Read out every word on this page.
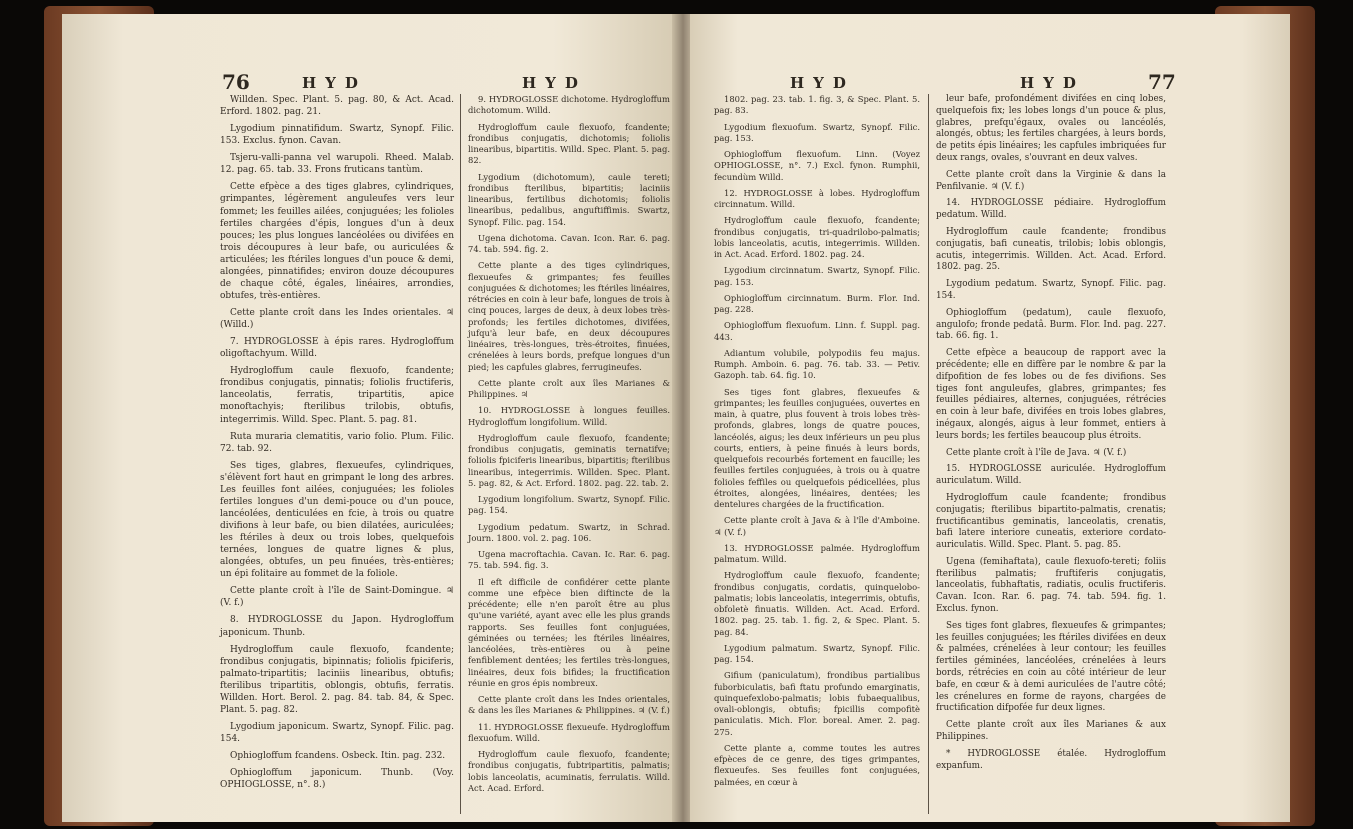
76	HYD	HYD

Willden. Spec. Plant. 5. pag. 80, & Act. Acad. Erford. 1802. pag. 21.

Lygodium pinnatifidum. Swartz, Synopf. Filic. 153. Exclus. fynon. Cavan.

Tsjeru-valli-panna vel warupoli. Rheed. Malab. 12. pag. 65. tab. 33. Frons fruticans tantùm.

Cette efpèce a des tiges glabres, cylindriques, grimpantes, légèrement anguleufes vers leur fommet; les feuilles ailées, conjuguées; les folioles fertiles chargées d'épis, longues d'un à deux pouces; les plus longues lancéolées ou divifées en trois découpures à leur bafe, ou auriculées & articulées; les ftériles longues d'un pouce & demi, alongées, pinnatifides; environ douze découpures de chaque côté, égales, linéaires, arrondies, obtufes, très-entières.

Cette plante croît dans les Indes orientales. ♃ (Willd.)

7. HYDROGLOSSE à épis rares. Hydrogloffum oligoftachyum. Willd.

Hydrogloffum caule flexuofo, fcandente; frondibus conjugatis, pinnatis; foliolis fructiferis, lanceolatis, ferratis, tripartitis, apice monoftachyis; fterilibus trilobis, obtufis, integerrimis. Willd. Spec. Plant. 5. pag. 81.

Ruta muraria clematitis, vario folio. Plum. Filic. 72. tab. 92.

Ses tiges, glabres, flexueufes, cylindriques, s'élèvent fort haut en grimpant le long des arbres. Les feuilles font ailées, conjuguées; les folioles fertiles longues d'un demi-pouce ou d'un pouce, lancéolées, denticulées en fcie, à trois ou quatre divifions à leur bafe, ou bien dilatées, auriculées; les ftériles à deux ou trois lobes, quelquefois ternées, longues de quatre lignes & plus, alongées, obtufes, un peu finuées, très-entières; un épi folitaire au fommet de la foliole.

Cette plante croît à l'île de Saint-Domingue. ♃ (V. f.)

8. HYDROGLOSSE du Japon. Hydrogloffum japonicum. Thunb.

Hydrogloffum caule flexuofo, fcandente; frondibus conjugatis, bipinnatis; foliolis fpiciferis, palmato-tripartitis; laciniis linearibus, obtufis; fterilibus tripartitis, oblongis, obtufis, ferratis. Willden. Hort. Berol. 2. pag. 84. tab. 84, & Spec. Plant. 5. pag. 82.

Lygodium japonicum. Swartz, Synopf. Filic. pag. 154.

Ophiogloffum fcandens. Osbeck. Itin. pag. 232.

Ophiogloffum japonicum. Thunb. (Voy. OPHIOGLOSSE, n°. 8.)

9. HYDROGLOSSE dichotome. Hydrogloffum dichotomum. Willd.

Hydrogloffum caule flexuofo, fcandente; frondibus conjugatis, dichotomis; foliolis linearibus, bipartitis. Willd. Spec. Plant. 5. pag. 82.

Lygodium (dichotomum), caule tereti; frondibus fterilibus, bipartitis; laciniis linearibus, fertilibus dichotomis; foliolis linearibus, pedalibus, anguftiffimis. Swartz, Synopf. Filic. pag. 154.

Ugena dichotoma. Cavan. Icon. Rar. 6. pag. 74. tab. 594. fig. 2.

Cette plante a des tiges cylindriques, flexueufes & grimpantes; fes feuilles conjuguées & dichotomes; les ftériles linéaires, rétrécies en coin à leur bafe, longues de trois à cinq pouces, larges de deux, à deux lobes très-profonds; les fertiles dichotomes, divifées, jufqu'à leur bafe, en deux découpures linéaires, très-longues, très-étroites, finuées, crénelées à leurs bords, prefque longues d'un pied; les capfules glabres, ferrugineufes.

Cette plante croît aux îles Marianes & Philippines. ♃

10. HYDROGLOSSE à longues feuilles. Hydrogloffum longifolium. Willd.

Hydrogloffum caule flexuofo, fcandente; frondibus conjugatis, geminatis ternatifve; foliolis fpiciferis linearibus, bipartitis; fterilibus linearibus, integerrimis. Willden. Spec. Plant. 5. pag. 82, & Act. Erford. 1802. pag. 22. tab. 2.

Lygodium longifolium. Swartz, Synopf. Filic. pag. 154.

Lygodium pedatum. Swartz, in Schrad. Journ. 1800. vol. 2. pag. 106.

Ugena macroftachia. Cavan. Ic. Rar. 6. pag. 75. tab. 594. fig. 3.

Il eft difficile de confidérer cette plante comme une efpèce bien diftincte de la précédente; elle n'en paroît être au plus qu'une variété, ayant avec elle les plus grands rapports. Ses feuilles font conjuguées, géminées ou ternées; les ftériles linéaires, lancéolées, très-entières ou à peine fenfiblement dentées; les fertiles très-longues, linéaires, deux fois bifides; la fructification réunie en gros épis nombreux.

Cette plante croît dans les Indes orientales, & dans les îles Marianes & Philippines. ♃ (V. f.)

11. HYDROGLOSSE flexueufe. Hydrogloffum flexuofum. Willd.

Hydrogloffum caule flexuofo, fcandente; frondibus conjugatis, fubtripartitis, palmatis; lobis lanceolatis, acuminatis, ferrulatis. Willd. Act. Acad. Erford.

HYD	HYD	77

1802. pag. 23. tab. 1. fig. 3, & Spec. Plant. 5. pag. 83.

Lygodium flexuofum. Swartz, Synopf. Filic. pag. 153.

Ophiogloffum flexuofum. Linn. (Voyez OPHIOGLOSSE, n°. 7.) Excl. fynon. Rumphii, fecundùm Willd.

12. HYDROGLOSSE à lobes. Hydrogloffum circinnatum. Willd.

Hydrogloffum caule flexuofo, fcandente; frondibus conjugatis, tri-quadrilobo-palmatis; lobis lanceolatis, acutis, integerrimis. Willden. in Act. Acad. Erford. 1802. pag. 24.

Lygodium circinnatum. Swartz, Synopf. Filic. pag. 153.

Ophiogloffum circinnatum. Burm. Flor. Ind. pag. 228.

Ophiogloffum flexuofum. Linn. f. Suppl. pag. 443.

Adiantum volubile, polypodiis feu majus. Rumph. Amboin. 6. pag. 76. tab. 33. — Petiv. Gazoph. tab. 64. fig. 10.

Ses tiges font glabres, flexueufes & grimpantes; les feuilles conjuguées, ouvertes en main, à quatre, plus fouvent à trois lobes très-profonds, glabres, longs de quatre pouces, lancéolés, aigus; les deux inférieurs un peu plus courts, entiers, à peine finués à leurs bords, quelquefois recourbés fortement en faucille; les feuilles fertiles conjuguées, à trois ou à quatre folioles feffiles ou quelquefois pédicellées, plus étroites, alongées, linéaires, dentées; les dentelures chargées de la fructification.

Cette plante croît à Java & à l'île d'Amboine. ♃ (V. f.)

13. HYDROGLOSSE palmée. Hydrogloffum palmatum. Willd.

Hydrogloffum caule flexuofo, fcandente; frondibus conjugatis, cordatis, quinquelobo-palmatis; lobis lanceolatis, integerrimis, obtufis, obfoletè finuatis. Willden. Act. Acad. Erford. 1802. pag. 25. tab. 1. fig. 2, & Spec. Plant. 5. pag. 84.

Lygodium palmatum. Swartz, Synopf. Filic. pag. 154.

Gifium (paniculatum), frondibus partialibus fuborbiculatis, bafi ftatu profundo emarginatis, quinquefexlobo-palmatis; lobis fubaequalibus, ovali-oblongis, obtufis; fpicillis compofitè paniculatis. Mich. Flor. boreal. Amer. 2. pag. 275.

Cette plante a, comme toutes les autres efpèces de ce genre, des tiges grimpantes, flexueufes. Ses feuilles font conjuguées, palmées, en cœur à

leur bafe, profondément divifées en cinq lobes, quelquefois fix; les lobes longs d'un pouce & plus, glabres, prefqu'égaux, ovales ou lancéolés, alongés, obtus; les fertiles chargées, à leurs bords, de petits épis linéaires; les capfules imbriquées fur deux rangs, ovales, s'ouvrant en deux valves.

Cette plante croît dans la Virginie & dans la Penfilvanie. ♃ (V. f.)

14. HYDROGLOSSE pédiaire. Hydrogloffum pedatum. Willd.

Hydrogloffum caule fcandente; frondibus conjugatis, bafi cuneatis, trilobis; lobis oblongis, acutis, integerrimis. Willden. Act. Acad. Erford. 1802. pag. 25.

Lygodium pedatum. Swartz, Synopf. Filic. pag. 154.

Ophiogloffum (pedatum), caule flexuofo, angulofo; fronde pedatâ. Burm. Flor. Ind. pag. 227. tab. 66. fig. 1.

Cette efpèce a beaucoup de rapport avec la précédente; elle en diffère par le nombre & par la difpofition de fes lobes ou de fes divifions. Ses tiges font anguleufes, glabres, grimpantes; fes feuilles pédiaires, alternes, conjuguées, rétrécies en coin à leur bafe, divifées en trois lobes glabres, inégaux, alongés, aigus à leur fommet, entiers à leurs bords; les fertiles beaucoup plus étroits.

Cette plante croît à l'île de Java. ♃ (V. f.)

15. HYDROGLOSSE auriculée. Hydrogloffum auriculatum. Willd.

Hydrogloffum caule fcandente; frondibus conjugatis; fterilibus bipartito-palmatis, crenatis; fructificantibus geminatis, lanceolatis, crenatis, bafi latere interiore cuneatis, exteriore cordato-auriculatis. Willd. Spec. Plant. 5. pag. 85.

Ugena (femihaftata), caule flexuofo-tereti; foliis fterilibus palmatis; fruftiferis conjugatis, lanceolatis, fubhaftatis, radiatis, oculis fructiferis. Cavan. Icon. Rar. 6. pag. 74. tab. 594. fig. 1. Exclus. fynon.

Ses tiges font glabres, flexueufes & grimpantes; les feuilles conjuguées; les ftériles divifées en deux & palmées, crénelées à leur contour; les feuilles fertiles géminées, lancéolées, crénelées à leurs bords, rétrécies en coin au côté intérieur de leur bafe, en cœur & à demi auriculées de l'autre côté; les crénelures en forme de rayons, chargées de fructification difpofée fur deux lignes.

Cette plante croît aux îles Marianes & aux Philippines.

* HYDROGLOSSE étalée. Hydrogloffum expanfum.
